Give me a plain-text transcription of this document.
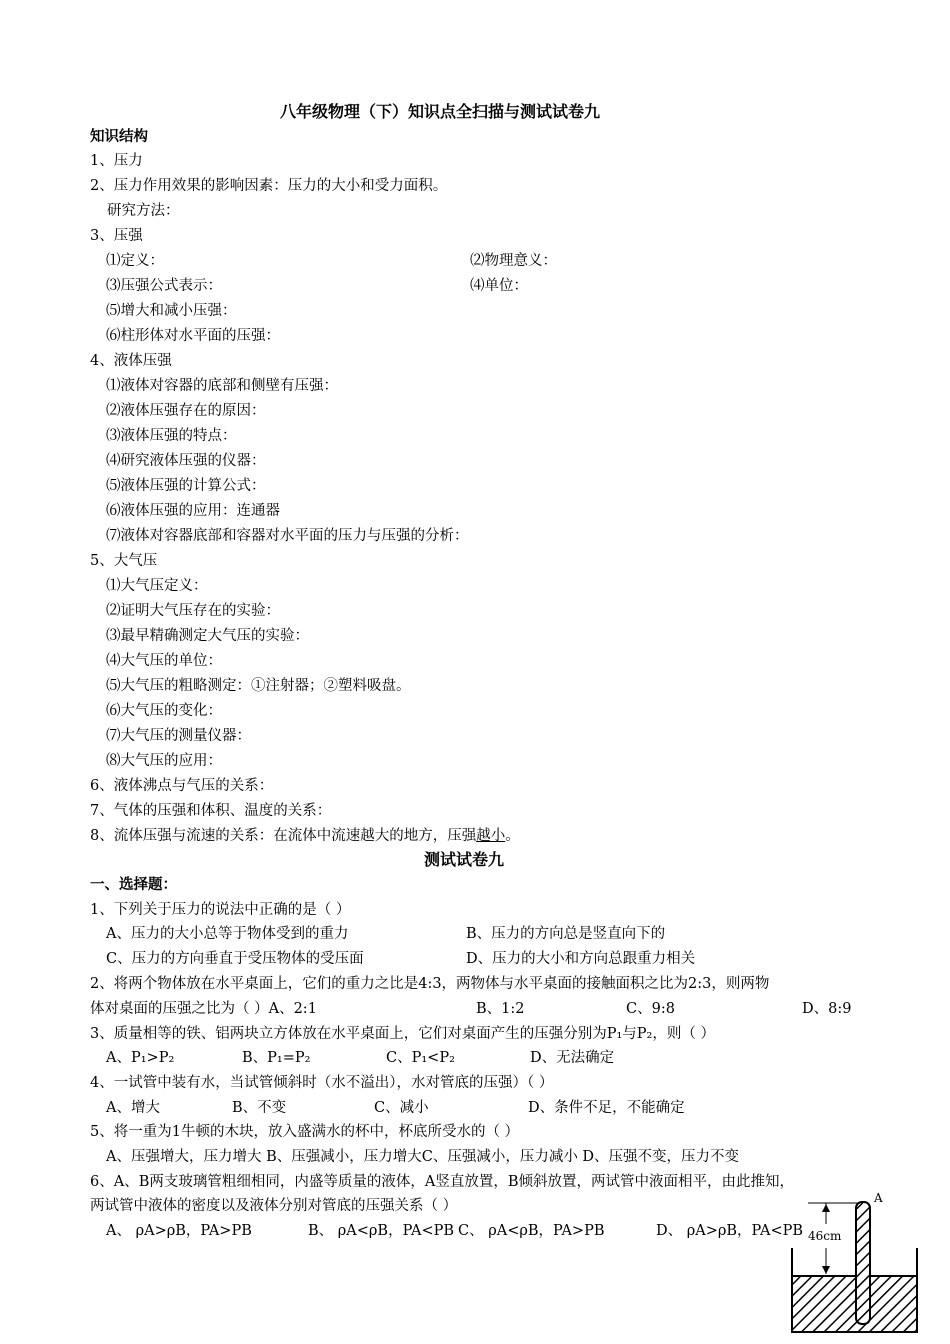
八年级物理（下）知识点全扫描与测试试卷九
知识结构
1、压力
2、压力作用效果的影响因素：压力的大小和受力面积。
研究方法：
3、压强
⑴定义：	⑵物理意义：
⑶压强公式表示：	⑷单位：
⑸增大和减小压强：
⑹柱形体对水平面的压强：
4、液体压强
⑴液体对容器的底部和侧壁有压强：
⑵液体压强存在的原因：
⑶液体压强的特点：
⑷研究液体压强的仪器：
⑸液体压强的计算公式：
⑹液体压强的应用：连通器
⑺液体对容器底部和容器对水平面的压力与压强的分析：
5、大气压
⑴大气压定义：
⑵证明大气压存在的实验：
⑶最早精确测定大气压的实验：
⑷大气压的单位：
⑸大气压的粗略测定：①注射器；②塑料吸盘。
⑹大气压的变化：
⑺大气压的测量仪器：
⑻大气压的应用：
6、液体沸点与气压的关系：
7、气体的压强和体积、温度的关系：
8、流体压强与流速的关系：在流体中流速越大的地方，压强越小。
测试试卷九
一、选择题：
1、下列关于压力的说法中正确的是（ ）
A、压力的大小总等于物体受到的重力	B、压力的方向总是竖直向下的
C、压力的方向垂直于受压物体的受压面	D、压力的大小和方向总跟重力相关
2、将两个物体放在水平桌面上，它们的重力之比是4:3，两物体与水平桌面的接触面积之比为2:3，则两物
体对桌面的压强之比为（ ）A、2:1	B、1:2	C、9:8	D、8:9
3、质量相等的铁、铝两块立方体放在水平桌面上，它们对桌面产生的压强分别为P₁与P₂，则（ ）
A、P₁>P₂	B、P₁=P₂	C、P₁<P₂	D、无法确定
4、一试管中装有水，当试管倾斜时（水不溢出），水对管底的压强）（ ）
A、增大	B、不变	C、减小	D、条件不足，不能确定
5、将一重为1牛顿的木块，放入盛满水的杯中，杯底所受水的（ ）
A、压强增大，压力增大 B、压强减小，压力增大C、压强减小，压力减小 D、压强不变，压力不变
6、A、B两支玻璃管粗细相同，内盛等质量的液体，A竖直放置，B倾斜放置，两试管中液面相平，由此推知，
两试管中液体的密度以及液体分别对管底的压强关系（ ）
A、 ρA>ρB，PA>PB	B、 ρA<ρB，PA<PB C、 ρA<ρB，PA>PB	D、 ρA>ρB，PA<PB 46cm
A
